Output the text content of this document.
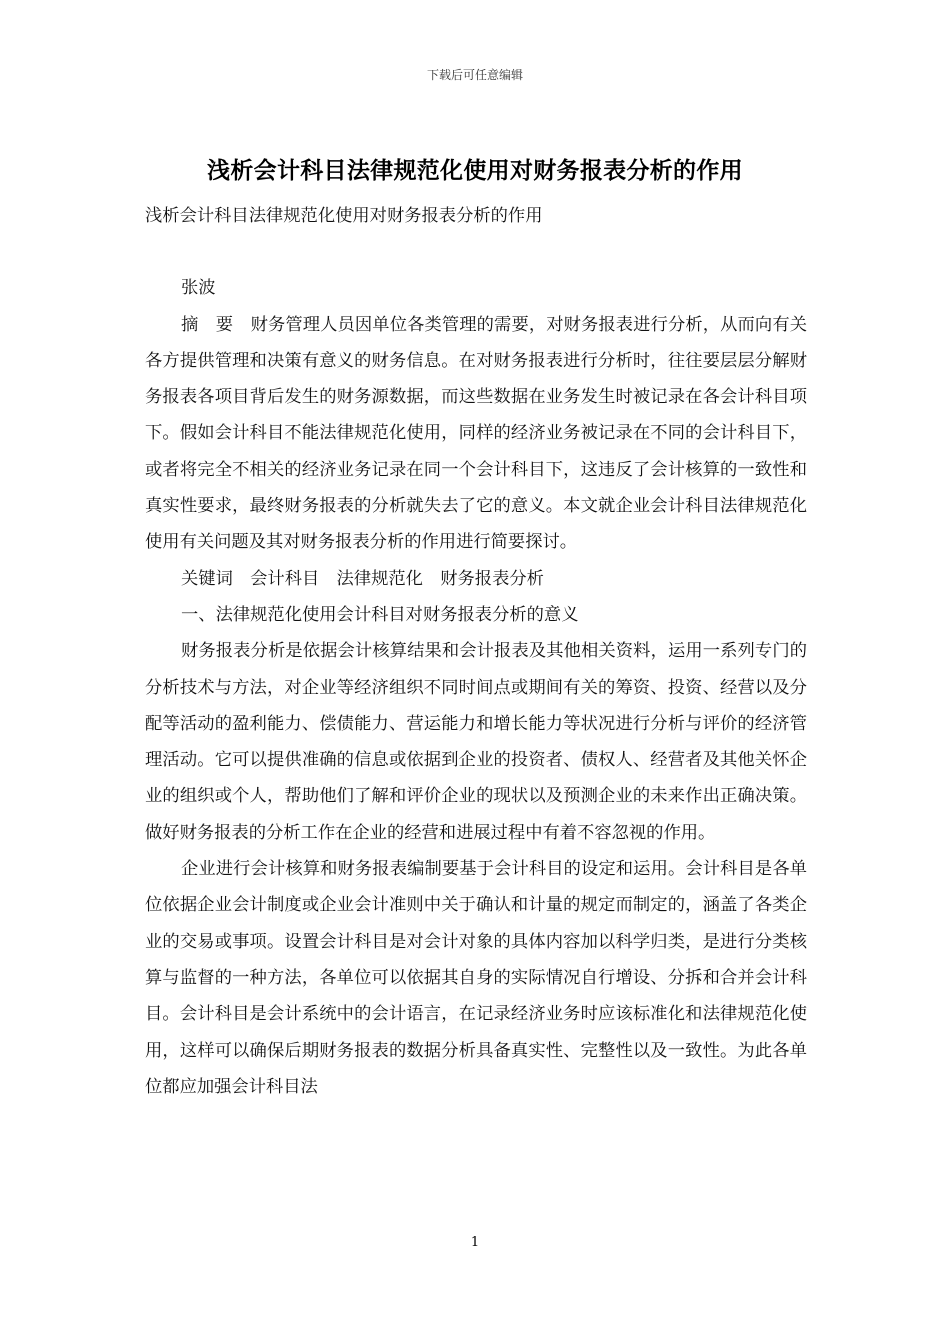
下载后可任意编辑
浅析会计科目法律规范化使用对财务报表分析的作用

浅析会计科目法律规范化使用对财务报表分析的作用

张波

摘　要　财务管理人员因单位各类管理的需要，对财务报表进行分析，从而向有关各方提供管理和决策有意义的财务信息。在对财务报表进行分析时，往往要层层分解财务报表各项目背后发生的财务源数据，而这些数据在业务发生时被记录在各会计科目项下。假如会计科目不能法律规范化使用，同样的经济业务被记录在不同的会计科目下，或者将完全不相关的经济业务记录在同一个会计科目下，这违反了会计核算的一致性和真实性要求，最终财务报表的分析就失去了它的意义。本文就企业会计科目法律规范化使用有关问题及其对财务报表分析的作用进行简要探讨。

关键词　会计科目　法律规范化　财务报表分析

一、法律规范化使用会计科目对财务报表分析的意义

财务报表分析是依据会计核算结果和会计报表及其他相关资料，运用一系列专门的分析技术与方法，对企业等经济组织不同时间点或期间有关的筹资、投资、经营以及分配等活动的盈利能力、偿债能力、营运能力和增长能力等状况进行分析与评价的经济管理活动。它可以提供准确的信息或依据到企业的投资者、债权人、经营者及其他关怀企业的组织或个人，帮助他们了解和评价企业的现状以及预测企业的未来作出正确决策。做好财务报表的分析工作在企业的经营和进展过程中有着不容忽视的作用。

企业进行会计核算和财务报表编制要基于会计科目的设定和运用。会计科目是各单位依据企业会计制度或企业会计准则中关于确认和计量的规定而制定的，涵盖了各类企业的交易或事项。设置会计科目是对会计对象的具体内容加以科学归类，是进行分类核算与监督的一种方法，各单位可以依据其自身的实际情况自行增设、分拆和合并会计科目。会计科目是会计系统中的会计语言，在记录经济业务时应该标准化和法律规范化使用，这样可以确保后期财务报表的数据分析具备真实性、完整性以及一致性。为此各单位都应加强会计科目法

1
